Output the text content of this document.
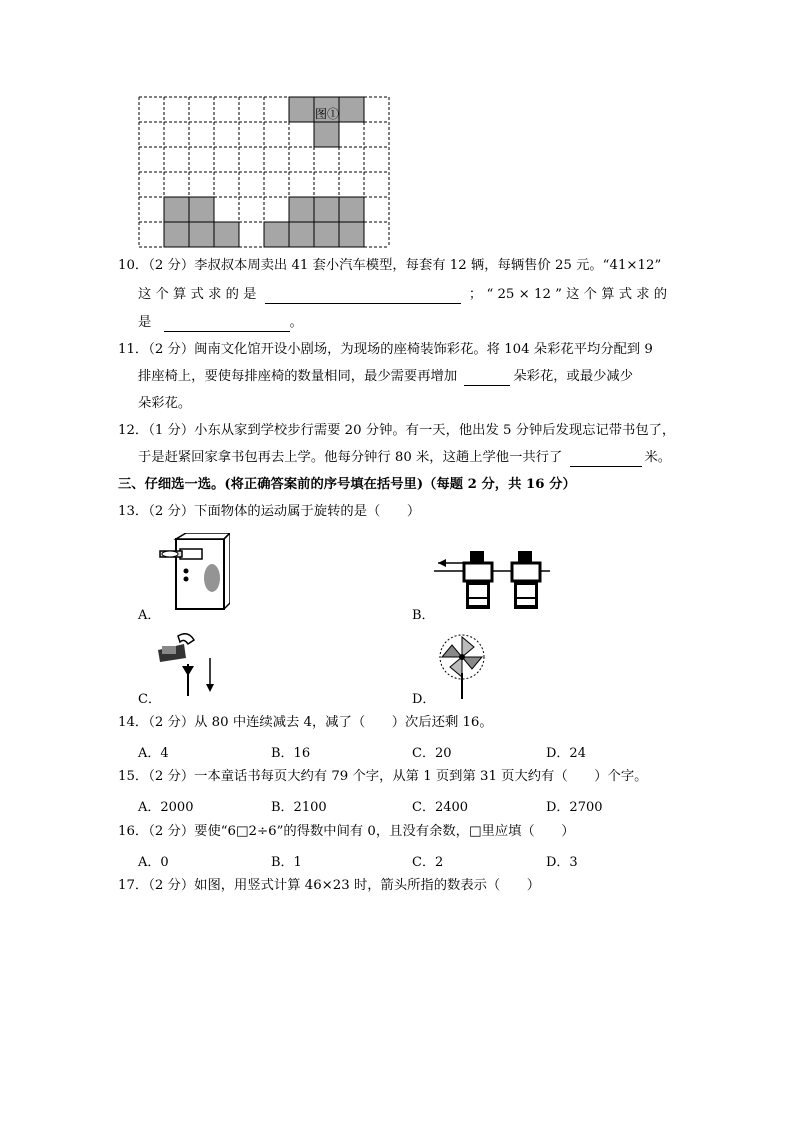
图①
10．（2 分）李叔叔本周卖出 41 套小汽车模型，每套有 12 辆，每辆售价 25 元。“41×12”
这 个 算 式 求 的 是	； “ 25 × 12 ” 这 个 算 式 求 的
是	。
11．（2 分）闽南文化馆开设小剧场，为现场的座椅装饰彩花。将 104 朵彩花平均分配到 9
排座椅上，要使每排座椅的数量相同，最少需要再增加	朵彩花，或最少减少
朵彩花。
12．（1 分）小东从家到学校步行需要 20 分钟。有一天，他出发 5 分钟后发现忘记带书包了，
于是赶紧回家拿书包再去上学。他每分钟行 80 米，这趟上学他一共行了	米。
三、仔细选一选。(将正确答案前的序号填在括号里)（每题 2 分，共 16 分）
13．（2 分）下面物体的运动属于旋转的是（　　）
A．	B．
C．	D．
14．（2 分）从 80 中连续减去 4，减了（　　）次后还剩 16。
A．4	B．16	C．20	D．24
15．（2 分）一本童话书每页大约有 79 个字，从第 1 页到第 31 页大约有（　　）个字。
A．2000	B．2100	C．2400	D．2700
16．（2 分）要使“6□2÷6”的得数中间有 0，且没有余数，□里应填（　　）
A．0	B．1	C．2	D．3
17．（2 分）如图，用竖式计算 46×23 时，箭头所指的数表示（　　）
